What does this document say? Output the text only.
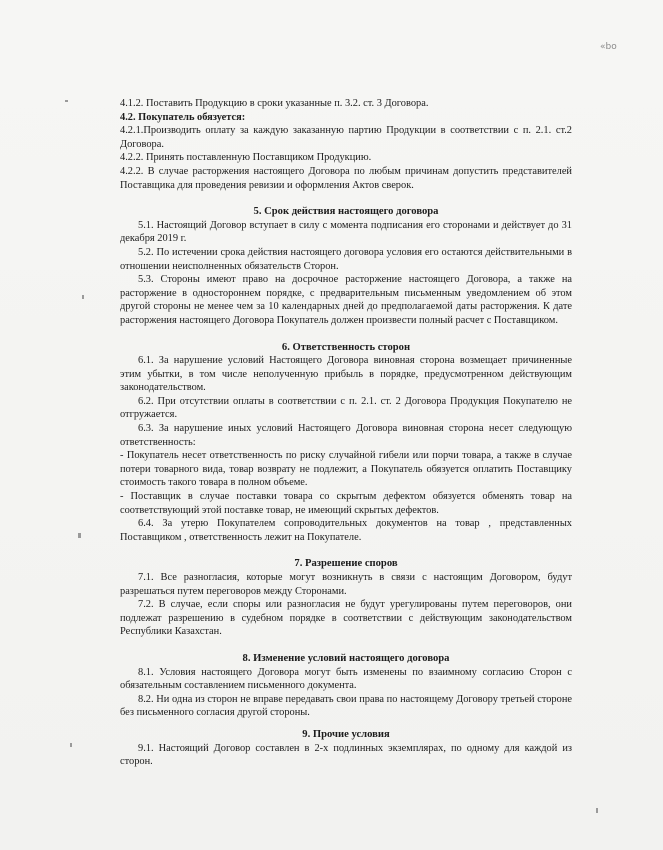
«bo

4.1.2. Поставить Продукцию в сроки указанные п. 3.2. ст. 3 Договора.

4.2. Покупатель обязуется:

4.2.1.Производить оплату за каждую заказанную партию Продукции в соответствии с п. 2.1. ст.2 Договора.

4.2.2. Принять поставленную Поставщиком Продукцию.

4.2.2. В случае расторжения настоящего Договора по любым причинам допустить представителей Поставщика для проведения ревизии и оформления Актов сверок.

5. Срок действия настоящего договора

5.1. Настоящий Договор вступает в силу с момента подписания его сторонами и действует до 31 декабря 2019 г.

5.2. По истечении срока действия настоящего договора условия его остаются действительными в отношении неисполненных обязательств Сторон.

5.3. Стороны имеют право на досрочное расторжение настоящего Договора, а также на расторжение в одностороннем порядке, с предварительным письменным уведомлением об этом другой стороны не менее чем за 10 календарных дней до предполагаемой даты расторжения. К дате расторжения настоящего Договора Покупатель должен произвести полный расчет с Поставщиком.

6. Ответственность сторон

6.1. За нарушение условий Настоящего Договора виновная сторона возмещает причиненные этим убытки, в том числе неполученную прибыль в порядке, предусмотренном действующим законодательством.

6.2. При отсутствии оплаты в соответствии с п. 2.1. ст. 2 Договора Продукция Покупателю не отгружается.

6.3. За нарушение иных условий Настоящего Договора виновная сторона несет следующую ответственность:

- Покупатель несет ответственность по риску случайной гибели или порчи товара, а также в случае потери товарного вида, товар возврату не подлежит, а Покупатель обязуется оплатить Поставщику стоимость такого товара в полном объеме.

- Поставщик в случае поставки товара со скрытым дефектом обязуется обменять товар на соответствующий этой поставке товар, не имеющий скрытых дефектов.

6.4. За утерю Покупателем сопроводительных документов на товар , представленных Поставщиком , ответственность лежит на Покупателе.

7. Разрешение споров

7.1. Все разногласия, которые могут возникнуть в связи с настоящим Договором, будут разрешаться путем переговоров между Сторонами.

7.2. В случае, если споры или разногласия не будут урегулированы путем переговоров, они подлежат разрешению в судебном порядке в соответствии с действующим законодательством Республики Казахстан.

8. Изменение условий настоящего договора

8.1. Условия настоящего Договора могут быть изменены по взаимному согласию Сторон с обязательным составлением письменного документа.

8.2. Ни одна из сторон не вправе передавать свои права по настоящему Договору третьей стороне без письменного согласия другой стороны.

9. Прочие условия

9.1. Настоящий Договор составлен в 2-х подлинных экземплярах, по одному для каждой из сторон.
